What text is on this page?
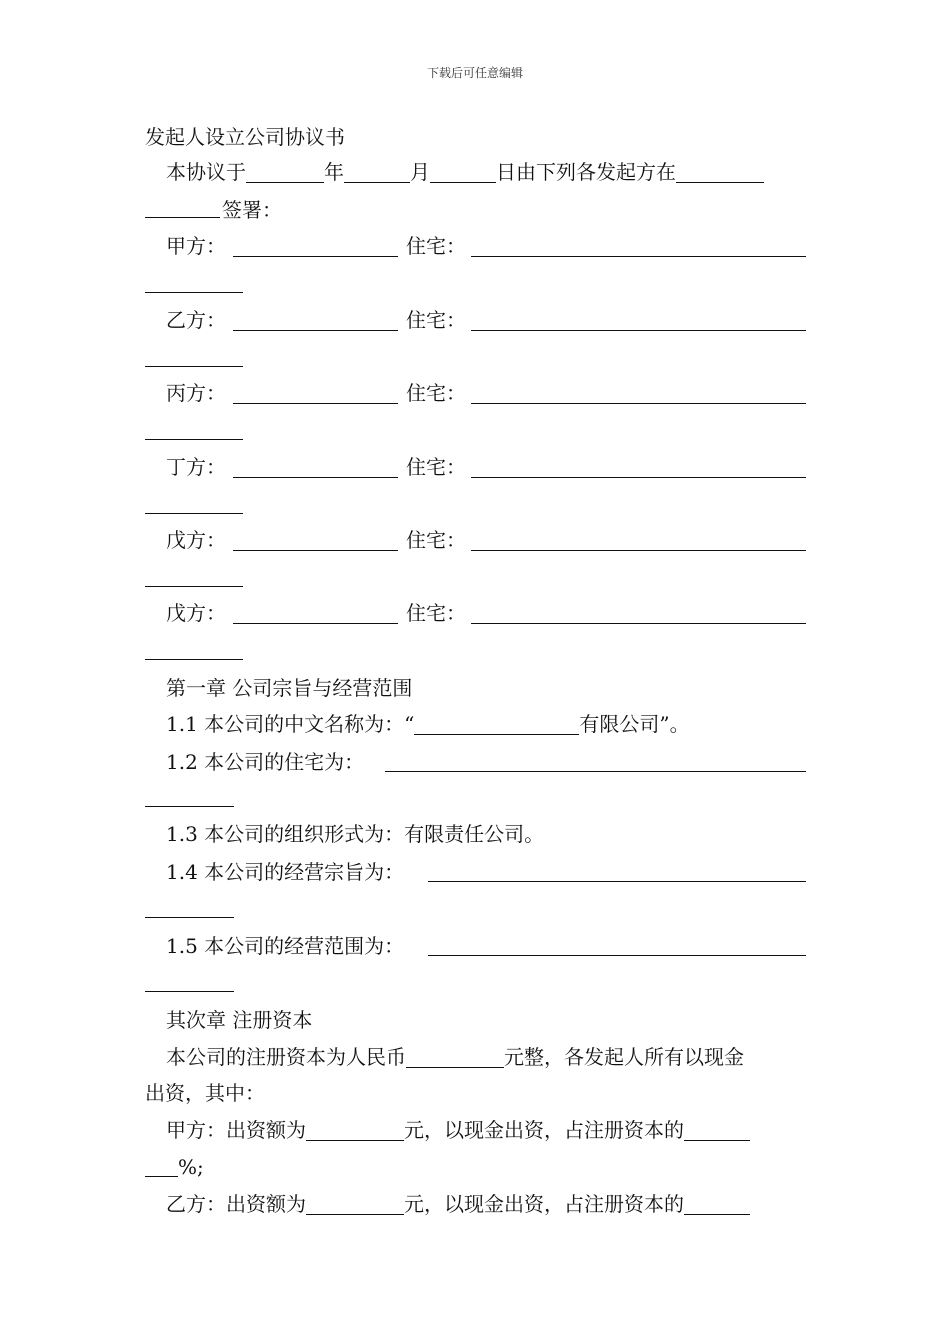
下载后可任意编辑
发起人设立公司协议书
本协议于	年	月	日由下列各发起方在
签署：
甲方：	住宅：
乙方：	住宅：
丙方：	住宅：
丁方：	住宅：
戊方：	住宅：
戊方：	住宅：
第一章 公司宗旨与经营范围
1.1 本公司的中文名称为：“	有限公司”。
1.2 本公司的住宅为：
1.3 本公司的组织形式为：有限责任公司。
1.4 本公司的经营宗旨为：
1.5 本公司的经营范围为：
其次章 注册资本
本公司的注册资本为人民币	元整，各发起人所有以现金
出资，其中：
甲方：出资额为	元，以现金出资，占注册资本的
%;
乙方：出资额为	元，以现金出资，占注册资本的
